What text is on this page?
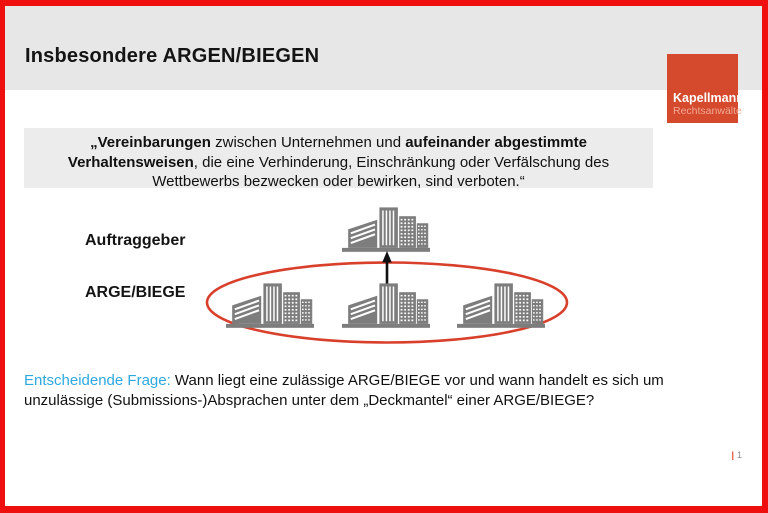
Insbesondere ARGEN/BIEGEN
Kapellmann
Rechtsanwälte

„Vereinbarungen zwischen Unternehmen und aufeinander abgestimmte Verhaltensweisen, die eine Verhinderung, Einschränkung oder Verfälschung des Wettbewerbs bezwecken oder bewirken, sind verboten.“

Auftraggeber
ARGE/BIEGE
Entscheidende Frage: Wann liegt eine zulässige ARGE/BIEGE vor und wann handelt es sich um unzulässige (Submissions-)Absprachen unter dem „Deckmantel“ einer ARGE/BIEGE?
| 1
